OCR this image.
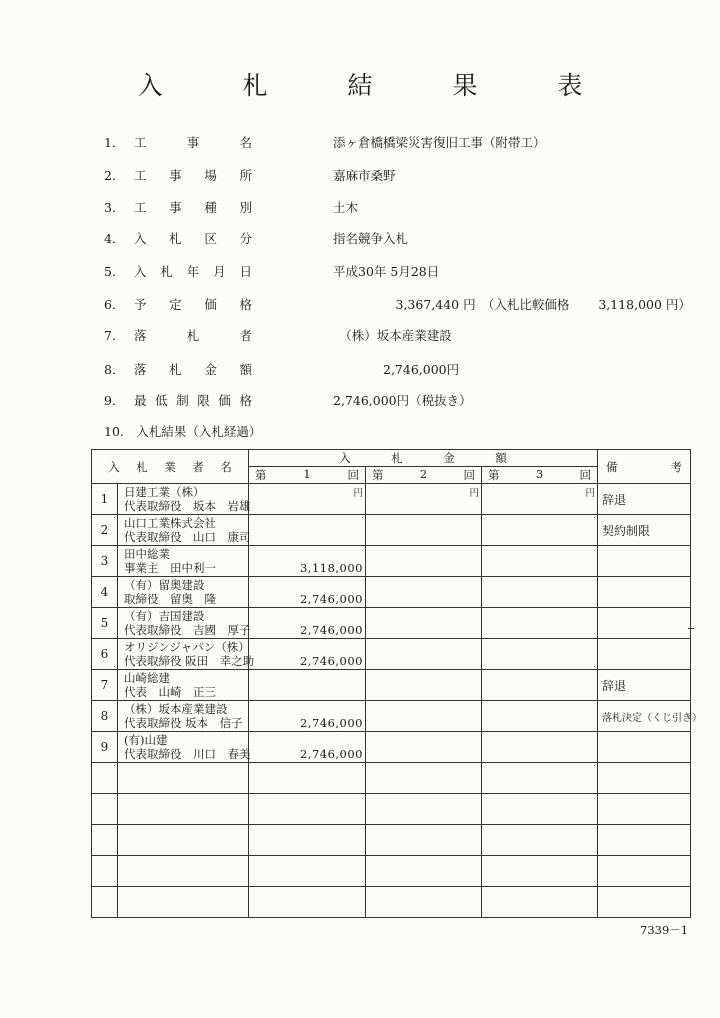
入 札 結 果 表
1． 工	事	名	添ヶ倉橋橋梁災害復旧工事（附帯工）
2． 工 事 場 所	嘉麻市桑野
3． 工 事 種 別	土木
4． 入 札 区 分	指名競争入札
5． 入 札 年 月 日	平成30年 5月28日
6． 予 定 価 格	　　　　　3,367,440 円　（入札比較価格　　 3,118,000 円）
7． 落	札	者	　（株）坂本産業建設
8． 落 札 金 額	　　　　2,746,000円
9． 最 低 制 限 価 格	2,746,000円（税抜き）
10.　入札結果（入札経過）
入 札 業 者 名		入 札 金 額			備 考

		第 1 回	第 2 回	第 3 回	

1	日建工業（株）
代表取締役　坂本　岩雄	円	円	円	辞退
2	山口工業株式会社
代表取締役　山口　康司				契約制限
3	田中総業
事業主　田中利一	3,118,000			

4	（有）留奥建設
取締役　留奥　隆	2,746,000			

5	（有）吉国建設
代表取締役　吉國　厚子	2,746,000			

6	オリジンジャパン（株）
代表取締役 阪田　幸之助	2,746,000			

7	山崎総建
代表　山崎　正三				辞退
8	（株）坂本産業建設
代表取締役 坂本　信子	2,746,000			落札決定（くじ引き）
9	(有)山建
代表取締役　川口　春美	2,746,000			

7339－1
